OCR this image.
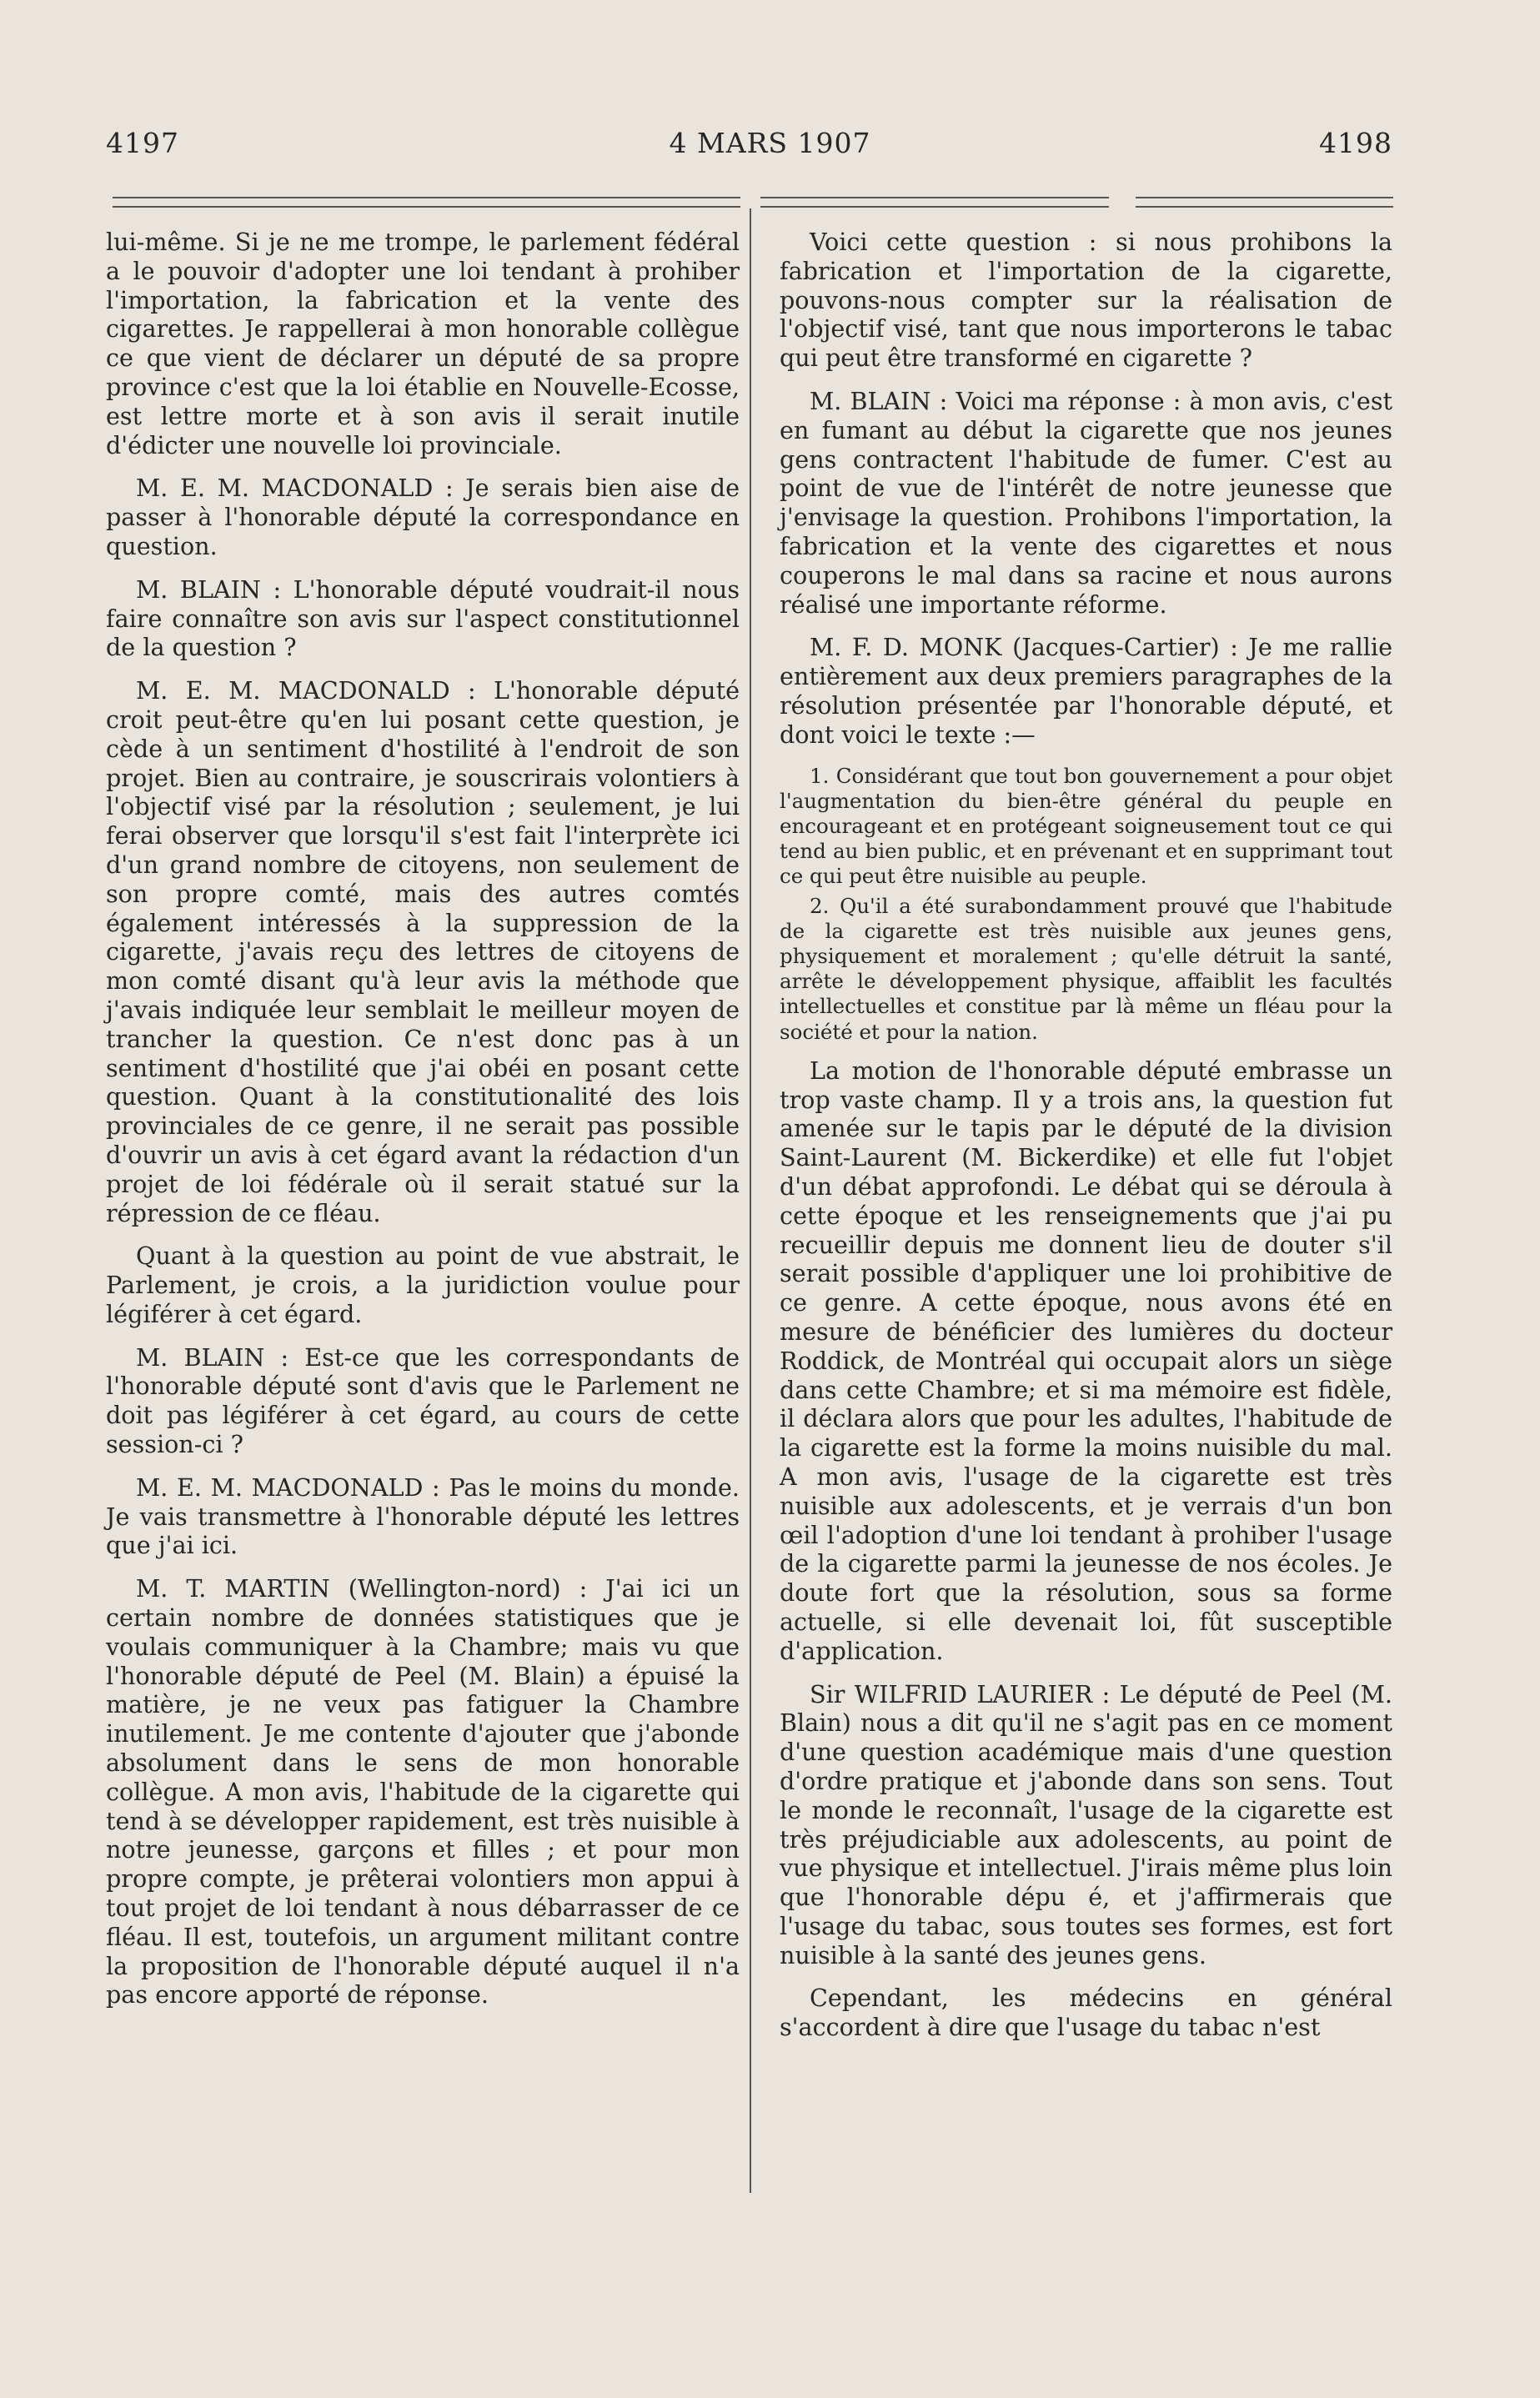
4197	4 MARS 1907	4198

lui-même. Si je ne me trompe, le parlement fédéral a le pouvoir d'adopter une loi tendant à prohiber l'importation, la fabrication et la vente des cigarettes. Je rappellerai à mon honorable collègue ce que vient de déclarer un député de sa propre province c'est que la loi établie en Nouvelle-Ecosse, est lettre morte et à son avis il serait inutile d'édicter une nouvelle loi provinciale.

M. E. M. MACDONALD : Je serais bien aise de passer à l'honorable député la correspondance en question.

M. BLAIN : L'honorable député voudrait-il nous faire connaître son avis sur l'aspect constitutionnel de la question ?

M. E. M. MACDONALD : L'honorable député croit peut-être qu'en lui posant cette question, je cède à un sentiment d'hostilité à l'endroit de son projet. Bien au contraire, je souscrirais volontiers à l'objectif visé par la résolution ; seulement, je lui ferai observer que lorsqu'il s'est fait l'interprète ici d'un grand nombre de citoyens, non seulement de son propre comté, mais des autres comtés également intéressés à la suppression de la cigarette, j'avais reçu des lettres de citoyens de mon comté disant qu'à leur avis la méthode que j'avais indiquée leur semblait le meilleur moyen de trancher la question. Ce n'est donc pas à un sentiment d'hostilité que j'ai obéi en posant cette question. Quant à la constitutionalité des lois provinciales de ce genre, il ne serait pas possible d'ouvrir un avis à cet égard avant la rédaction d'un projet de loi fédérale où il serait statué sur la répression de ce fléau.

Quant à la question au point de vue abstrait, le Parlement, je crois, a la juridiction voulue pour légiférer à cet égard.

M. BLAIN : Est-ce que les correspondants de l'honorable député sont d'avis que le Parlement ne doit pas légiférer à cet égard, au cours de cette session-ci ?

M. E. M. MACDONALD : Pas le moins du monde. Je vais transmettre à l'honorable député les lettres que j'ai ici.

M. T. MARTIN (Wellington-nord) : J'ai ici un certain nombre de données statistiques que je voulais communiquer à la Chambre; mais vu que l'honorable député de Peel (M. Blain) a épuisé la matière, je ne veux pas fatiguer la Chambre inutilement. Je me contente d'ajouter que j'abonde absolument dans le sens de mon honorable collègue. A mon avis, l'habitude de la cigarette qui tend à se développer rapidement, est très nuisible à notre jeunesse, garçons et filles ; et pour mon propre compte, je prêterai volontiers mon appui à tout projet de loi tendant à nous débarrasser de ce fléau. Il est, toutefois, un argument militant contre la proposition de l'honorable député auquel il n'a pas encore apporté de réponse.

Voici cette question : si nous prohibons la fabrication et l'importation de la cigarette, pouvons-nous compter sur la réalisation de l'objectif visé, tant que nous importerons le tabac qui peut être transformé en cigarette ?

M. BLAIN : Voici ma réponse : à mon avis, c'est en fumant au début la cigarette que nos jeunes gens contractent l'habitude de fumer. C'est au point de vue de l'intérêt de notre jeunesse que j'envisage la question. Prohibons l'importation, la fabrication et la vente des cigarettes et nous couperons le mal dans sa racine et nous aurons réalisé une importante réforme.

M. F. D. MONK (Jacques-Cartier) : Je me rallie entièrement aux deux premiers paragraphes de la résolution présentée par l'honorable député, et dont voici le texte :—

1. Considérant que tout bon gouvernement a pour objet l'augmentation du bien-être général du peuple en encourageant et en protégeant soigneusement tout ce qui tend au bien public, et en prévenant et en supprimant tout ce qui peut être nuisible au peuple.

2. Qu'il a été surabondamment prouvé que l'habitude de la cigarette est très nuisible aux jeunes gens, physiquement et moralement ; qu'elle détruit la santé, arrête le développement physique, affaiblit les facultés intellectuelles et constitue par là même un fléau pour la société et pour la nation.

La motion de l'honorable député embrasse un trop vaste champ. Il y a trois ans, la question fut amenée sur le tapis par le député de la division Saint-Laurent (M. Bickerdike) et elle fut l'objet d'un débat approfondi. Le débat qui se déroula à cette époque et les renseignements que j'ai pu recueillir depuis me donnent lieu de douter s'il serait possible d'appliquer une loi prohibitive de ce genre. A cette époque, nous avons été en mesure de bénéficier des lumières du docteur Roddick, de Montréal qui occupait alors un siège dans cette Chambre; et si ma mémoire est fidèle, il déclara alors que pour les adultes, l'habitude de la cigarette est la forme la moins nuisible du mal. A mon avis, l'usage de la cigarette est très nuisible aux adolescents, et je verrais d'un bon œil l'adoption d'une loi tendant à prohiber l'usage de la cigarette parmi la jeunesse de nos écoles. Je doute fort que la résolution, sous sa forme actuelle, si elle devenait loi, fût susceptible d'application.

Sir WILFRID LAURIER : Le député de Peel (M. Blain) nous a dit qu'il ne s'agit pas en ce moment d'une question académique mais d'une question d'ordre pratique et j'abonde dans son sens. Tout le monde le reconnaît, l'usage de la cigarette est très préjudiciable aux adolescents, au point de vue physique et intellectuel. J'irais même plus loin que l'honorable dépu é, et j'affirmerais que l'usage du tabac, sous toutes ses formes, est fort nuisible à la santé des jeunes gens.

Cependant, les médecins en général s'accordent à dire que l'usage du tabac n'est
